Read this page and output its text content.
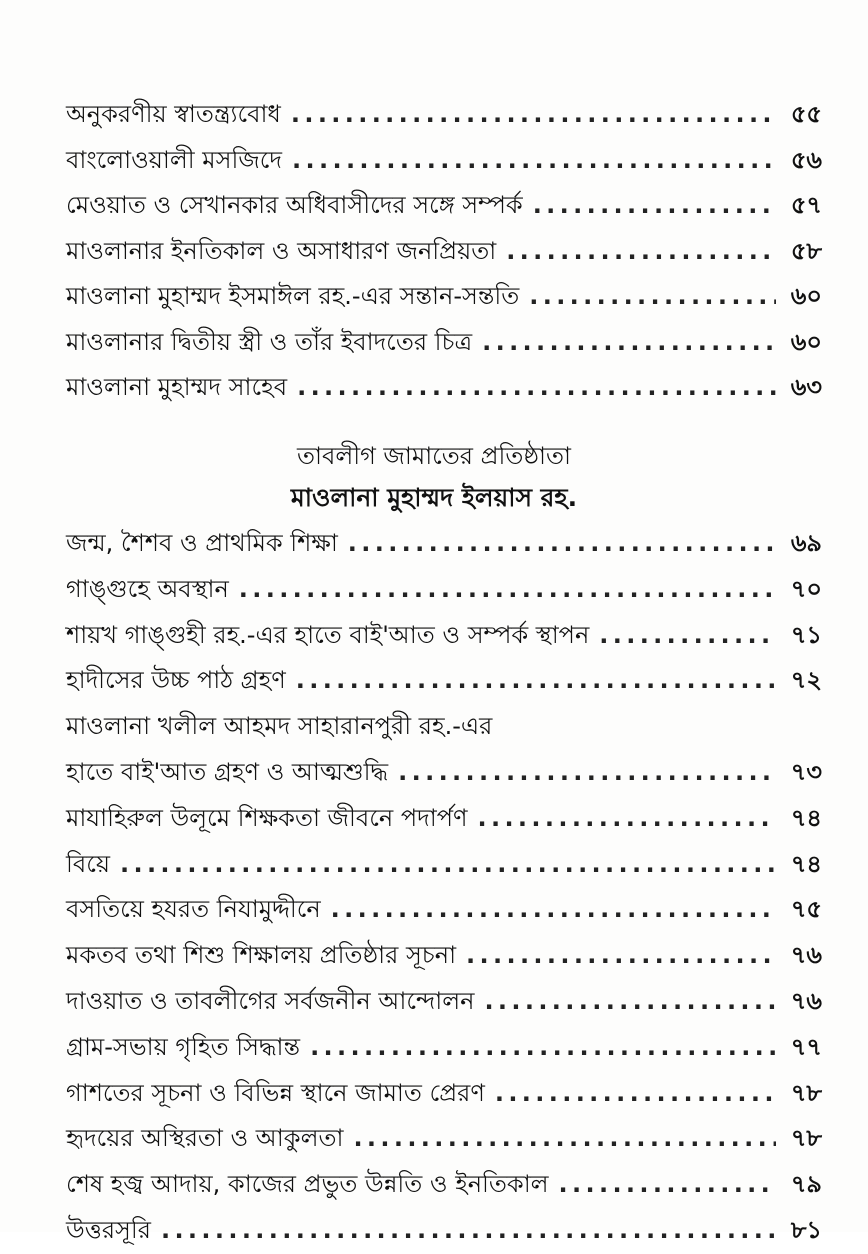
অনুকরণীয় স্বাতন্ত্র্যবোধ . . .	৫৫
বাংলোওয়ালী মসজিদে . . .	৫৬
মেওয়াত ও সেখানকার অধিবাসীদের সঙ্গে সম্পর্ক . . .	৫৭
মাওলানার ইনতিকাল ও অসাধারণ জনপ্রিয়তা . . .	৫৮
মাওলানা মুহাম্মদ ইসমাঈল রহ.-এর সন্তান-সন্ততি . . .	৬০
মাওলানার দ্বিতীয় স্ত্রী ও তাঁর ইবাদতের চিত্র . . .	৬০
মাওলানা মুহাম্মদ সাহেব . . .	৬৩
তাবলীগ জামাতের প্রতিষ্ঠাতা
মাওলানা মুহাম্মদ ইলয়াস রহ.
জন্ম, শৈশব ও প্রাথমিক শিক্ষা . . .	৬৯
গাঙ্গুহে অবস্থান . . .	৭০
শায়খ গাঙ্গুহী রহ.-এর হাতে বাই'আত ও সম্পর্ক স্থাপন . . .	৭১
হাদীসের উচ্চ পাঠ গ্রহণ . . .	৭২
মাওলানা খলীল আহমদ সাহারানপুরী রহ.-এর
হাতে বাই'আত গ্রহণ ও আত্মশুদ্ধি . . .	৭৩
মাযাহিরুল উলূমে শিক্ষকতা জীবনে পদার্পণ . . .	৭৪
বিয়ে . . .	৭৪
বসতিয়ে হযরত নিযামুদ্দীনে . . .	৭৫
মকতব তথা শিশু শিক্ষালয় প্রতিষ্ঠার সূচনা . . .	৭৬
দাওয়াত ও তাবলীগের সর্বজনীন আন্দোলন . . .	৭৬
গ্রাম-সভায় গৃহিত সিদ্ধান্ত . . .	৭৭
গাশতের সূচনা ও বিভিন্ন স্থানে জামাত প্রেরণ . . .	৭৮
হৃদয়ের অস্থিরতা ও আকুলতা . . .	৭৮
শেষ হজ্ব আদায়, কাজের প্রভুত উন্নতি ও ইনতিকাল . . .	৭৯
উত্তরসূরি . . .	৮১
